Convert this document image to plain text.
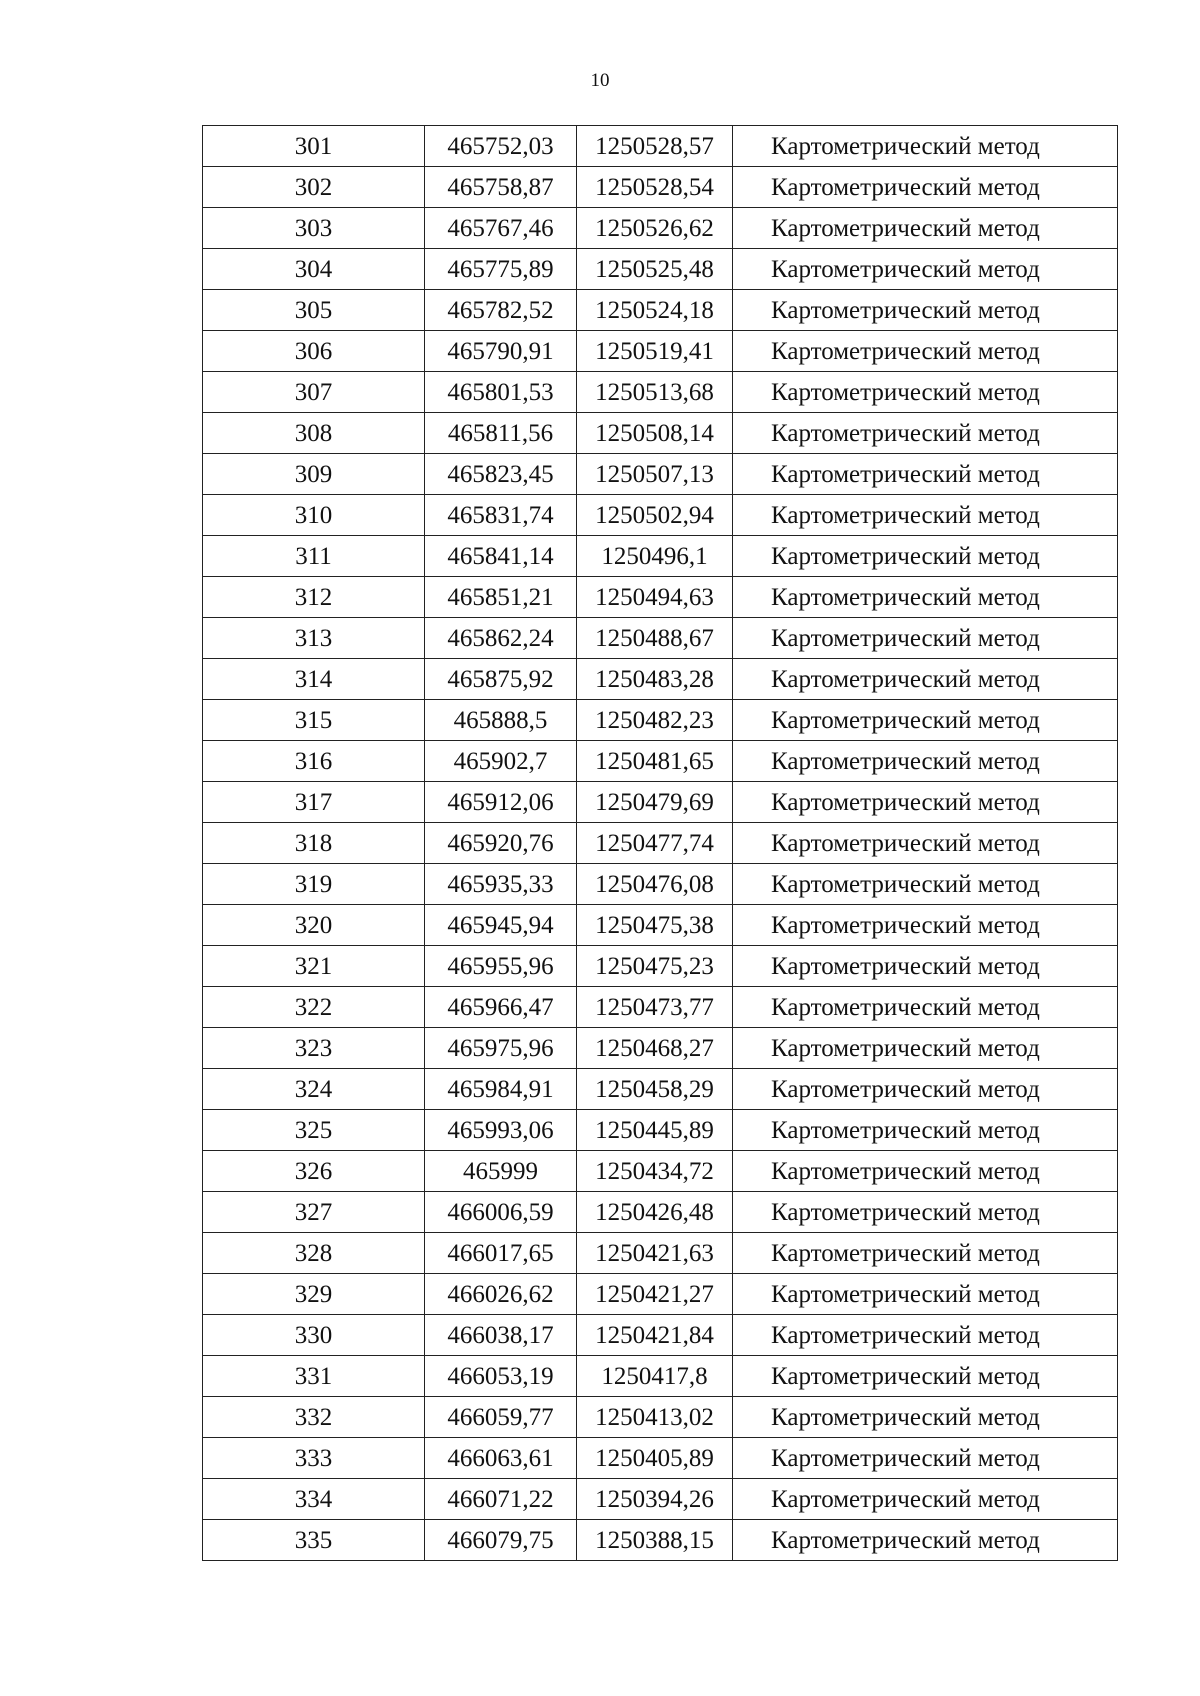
10
301	465752,03	1250528,57	Картометрический метод
302	465758,87	1250528,54	Картометрический метод
303	465767,46	1250526,62	Картометрический метод
304	465775,89	1250525,48	Картометрический метод
305	465782,52	1250524,18	Картометрический метод
306	465790,91	1250519,41	Картометрический метод
307	465801,53	1250513,68	Картометрический метод
308	465811,56	1250508,14	Картометрический метод
309	465823,45	1250507,13	Картометрический метод
310	465831,74	1250502,94	Картометрический метод
311	465841,14	1250496,1	Картометрический метод
312	465851,21	1250494,63	Картометрический метод
313	465862,24	1250488,67	Картометрический метод
314	465875,92	1250483,28	Картометрический метод
315	465888,5	1250482,23	Картометрический метод
316	465902,7	1250481,65	Картометрический метод
317	465912,06	1250479,69	Картометрический метод
318	465920,76	1250477,74	Картометрический метод
319	465935,33	1250476,08	Картометрический метод
320	465945,94	1250475,38	Картометрический метод
321	465955,96	1250475,23	Картометрический метод
322	465966,47	1250473,77	Картометрический метод
323	465975,96	1250468,27	Картометрический метод
324	465984,91	1250458,29	Картометрический метод
325	465993,06	1250445,89	Картометрический метод
326	465999	1250434,72	Картометрический метод
327	466006,59	1250426,48	Картометрический метод
328	466017,65	1250421,63	Картометрический метод
329	466026,62	1250421,27	Картометрический метод
330	466038,17	1250421,84	Картометрический метод
331	466053,19	1250417,8	Картометрический метод
332	466059,77	1250413,02	Картометрический метод
333	466063,61	1250405,89	Картометрический метод
334	466071,22	1250394,26	Картометрический метод
335	466079,75	1250388,15	Картометрический метод
